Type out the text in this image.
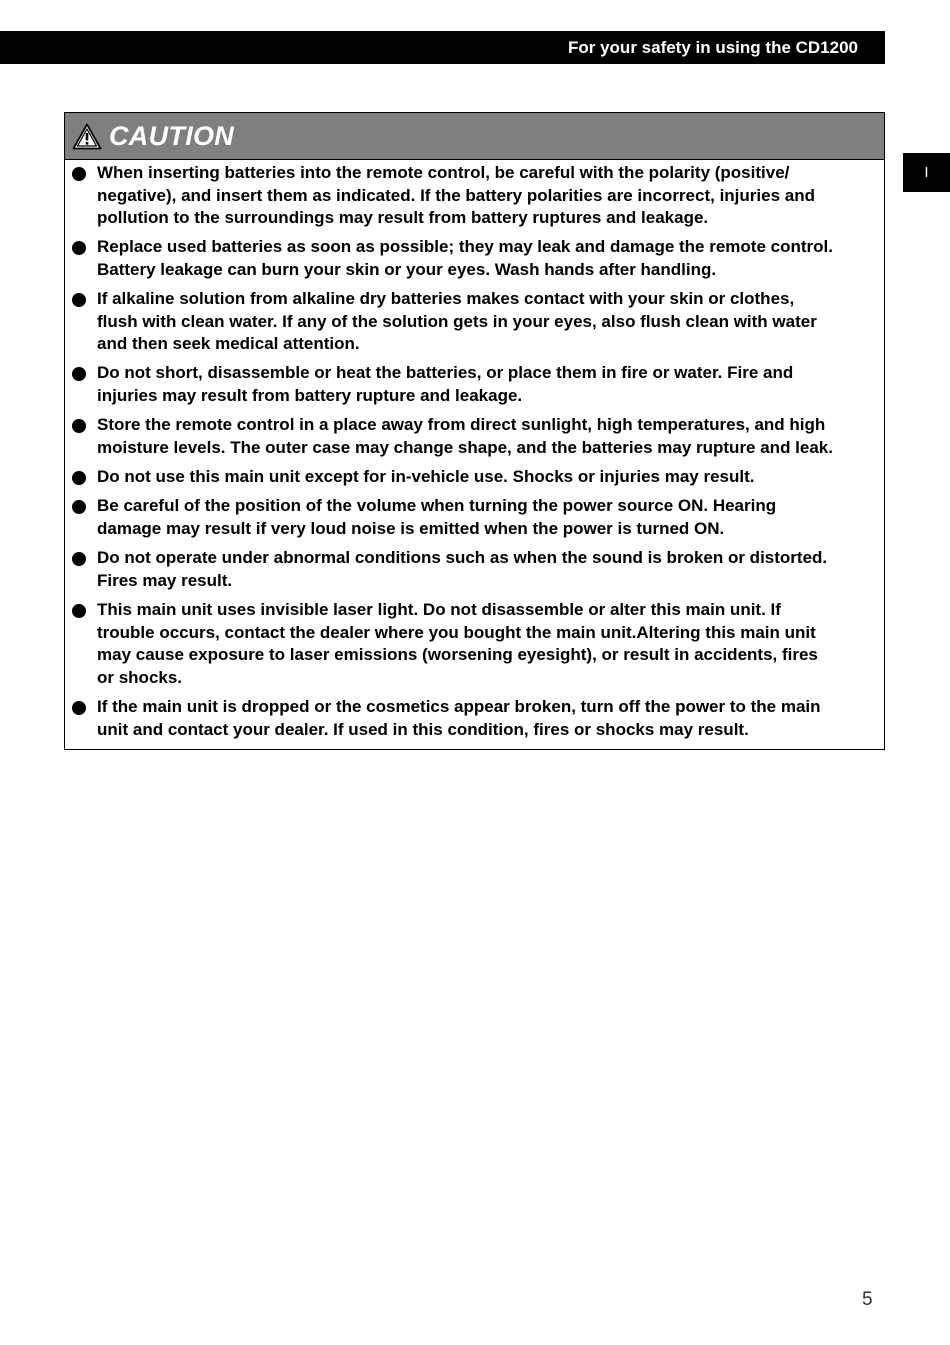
For your safety in using the CD1200
I
CAUTION
When inserting batteries into the remote control, be careful with the polarity (positive/
negative), and insert them as indicated. If the battery polarities are incorrect, injuries and
pollution to the surroundings may result from battery ruptures and leakage.
Replace used batteries as soon as possible; they may leak and damage the remote control.
Battery leakage can burn your skin or your eyes. Wash hands after handling.
If alkaline solution from alkaline dry batteries makes contact with your skin or clothes,
flush with clean water. If any of the solution gets in your eyes, also flush clean with water
and then seek medical attention.
Do not short, disassemble or heat the batteries, or place them in fire or water. Fire and
injuries may result from battery rupture and leakage.
Store the remote control in a place away from direct sunlight, high temperatures, and high
moisture levels. The outer case may change shape, and the batteries may rupture and leak.
Do not use this main unit except for in-vehicle use. Shocks or injuries may result.
Be careful of the position of the volume when turning the power source ON. Hearing
damage may result if very loud noise is emitted when the power is turned ON.
Do not operate under abnormal conditions such as when the sound is broken or distorted.
Fires may result.
This main unit uses invisible laser light. Do not disassemble or alter this main unit. If
trouble occurs, contact the dealer where you bought the main unit.Altering this main unit
may cause exposure to laser emissions (worsening eyesight), or result in accidents, fires
or shocks.
If the main unit is dropped or the cosmetics appear broken, turn off the power to the main
unit and contact your dealer. If used in this condition, fires or shocks may result.
5
